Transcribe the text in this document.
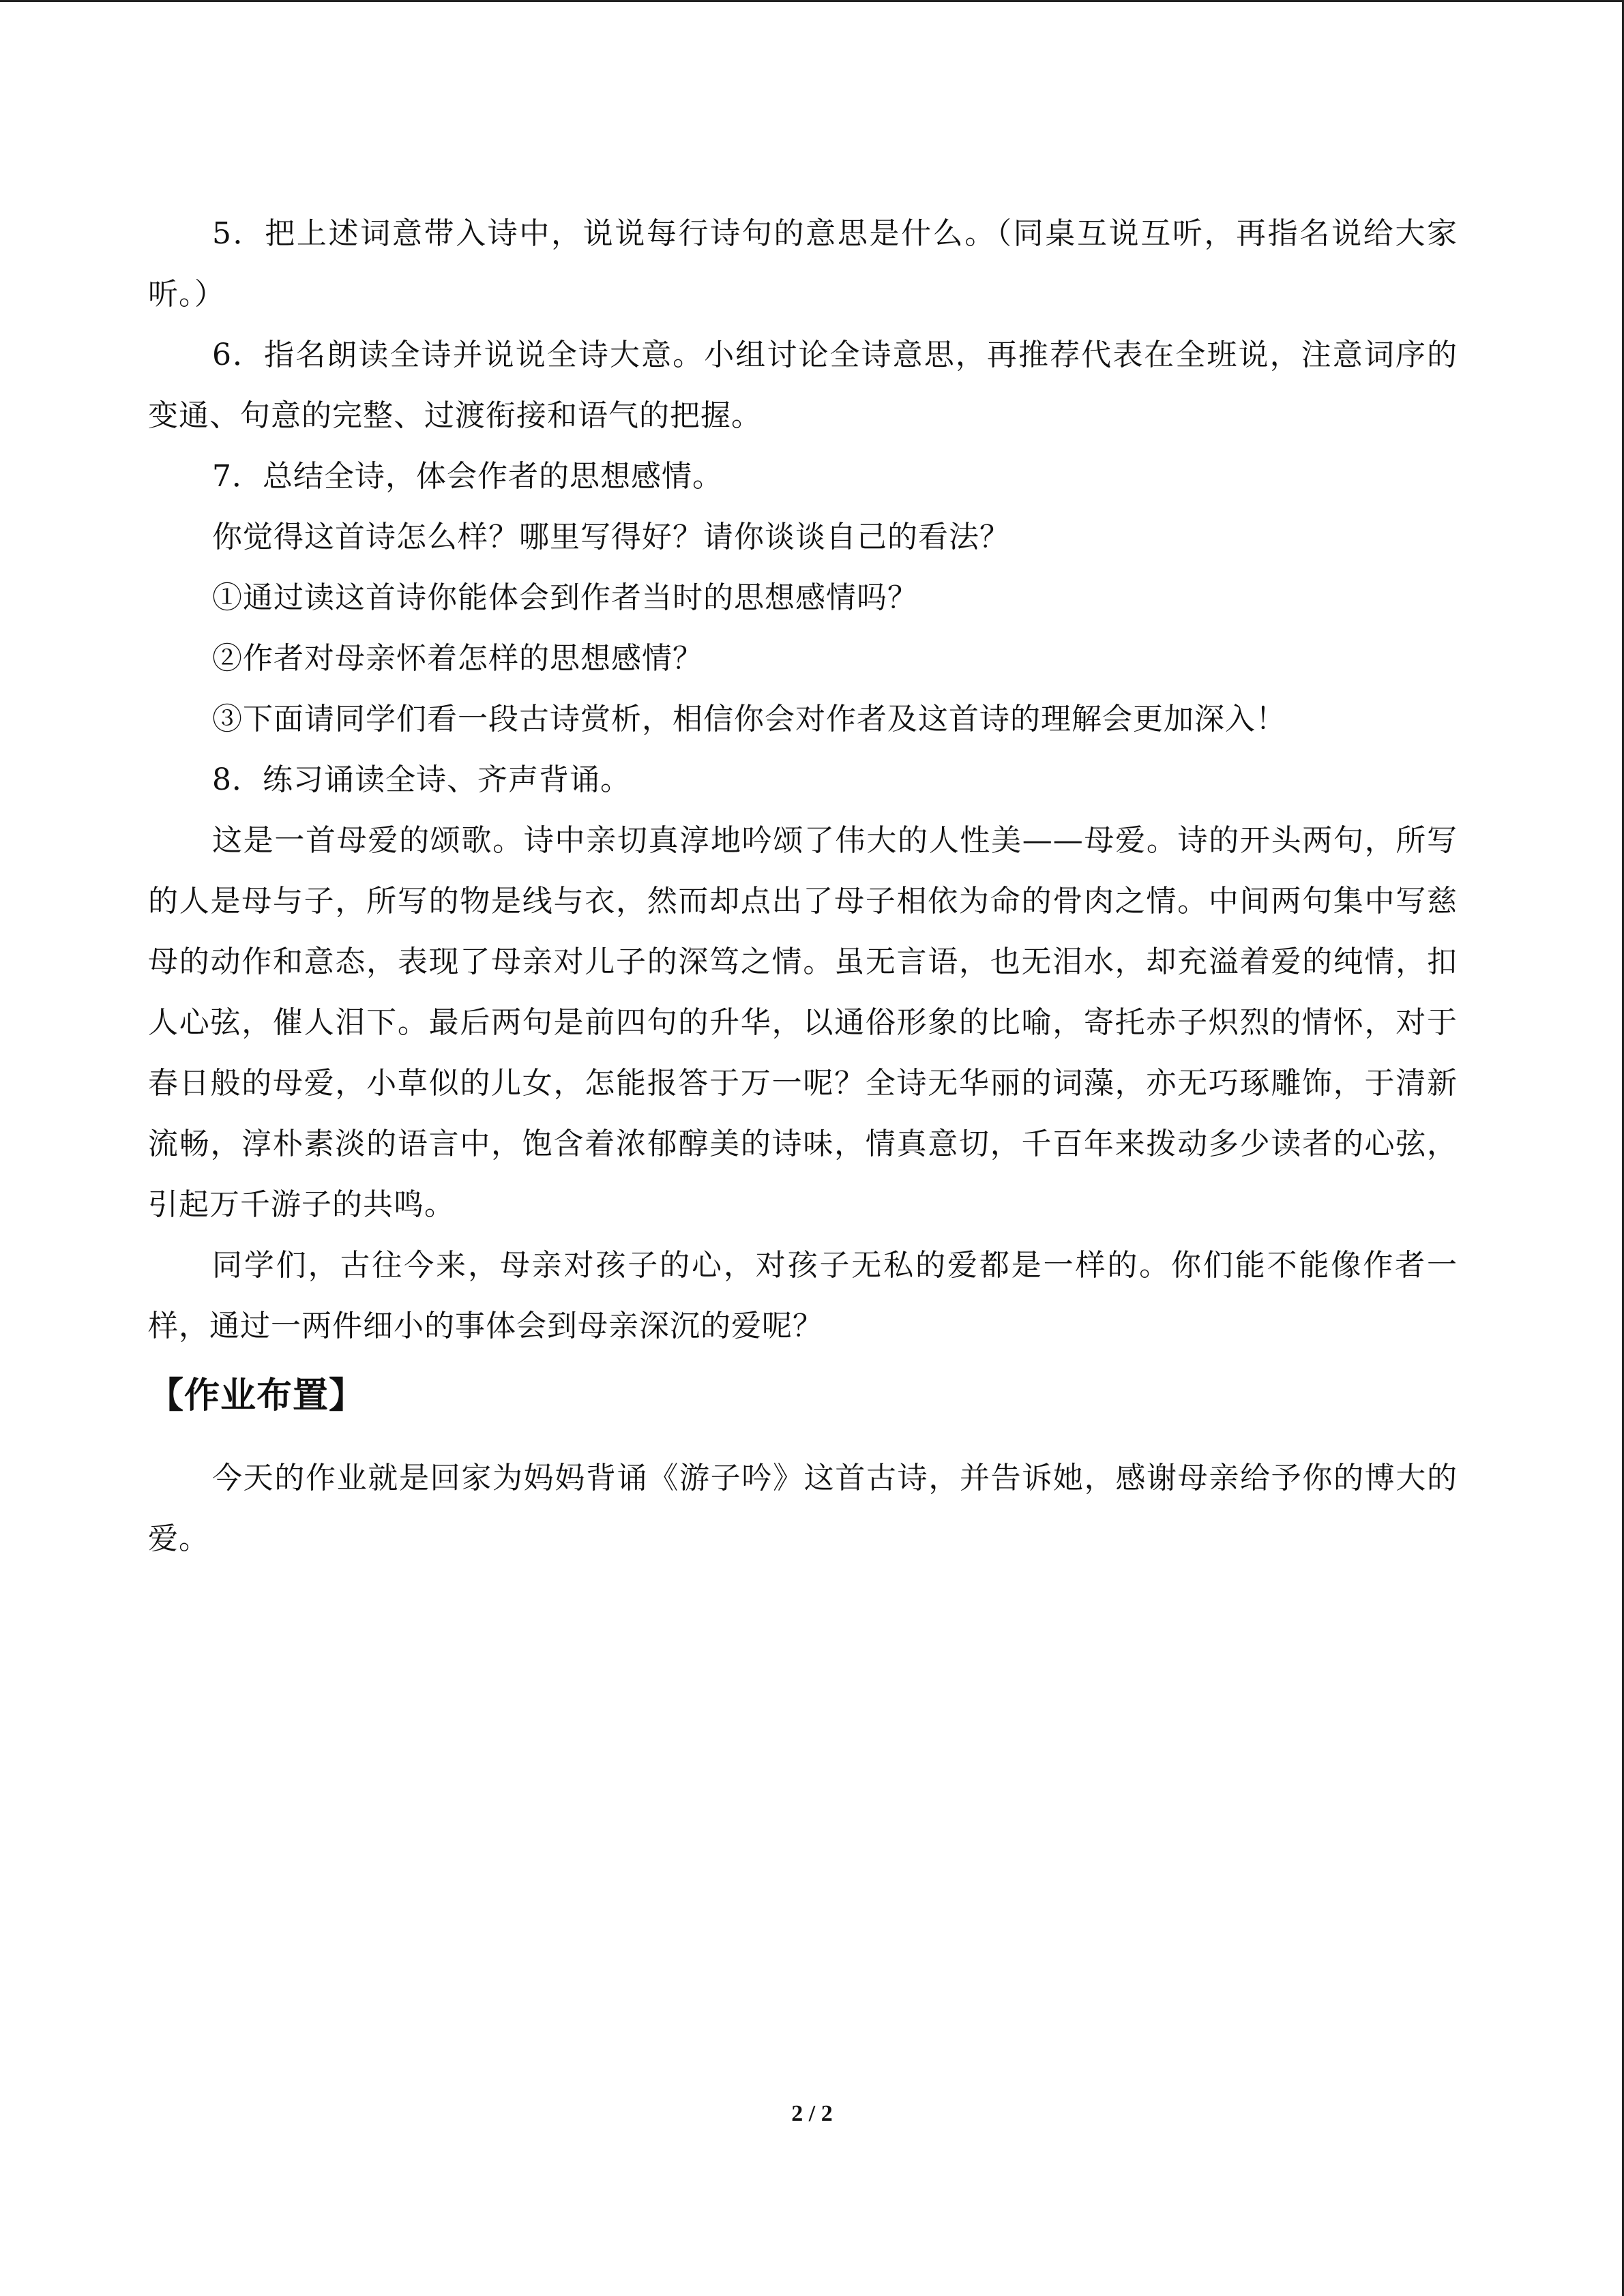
5．把上述词意带入诗中，说说每行诗句的意思是什么。（同桌互说互听，再指名说给大家听。）

6．指名朗读全诗并说说全诗大意。小组讨论全诗意思，再推荐代表在全班说，注意词序的变通、句意的完整、过渡衔接和语气的把握。

7．总结全诗，体会作者的思想感情。

你觉得这首诗怎么样？哪里写得好？请你谈谈自己的看法？

①通过读这首诗你能体会到作者当时的思想感情吗？

②作者对母亲怀着怎样的思想感情？

③下面请同学们看一段古诗赏析，相信你会对作者及这首诗的理解会更加深入！

8．练习诵读全诗、齐声背诵。

这是一首母爱的颂歌。诗中亲切真淳地吟颂了伟大的人性美——母爱。诗的开头两句，所写的人是母与子，所写的物是线与衣，然而却点出了母子相依为命的骨肉之情。中间两句集中写慈母的动作和意态，表现了母亲对儿子的深笃之情。虽无言语，也无泪水，却充溢着爱的纯情，扣人心弦，催人泪下。最后两句是前四句的升华，以通俗形象的比喻，寄托赤子炽烈的情怀，对于春日般的母爱，小草似的儿女，怎能报答于万一呢？全诗无华丽的词藻，亦无巧琢雕饰，于清新流畅，淳朴素淡的语言中，饱含着浓郁醇美的诗味，情真意切，千百年来拨动多少读者的心弦，引起万千游子的共鸣。

同学们，古往今来，母亲对孩子的心，对孩子无私的爱都是一样的。你们能不能像作者一样，通过一两件细小的事体会到母亲深沉的爱呢？

【作业布置】

今天的作业就是回家为妈妈背诵《游子吟》这首古诗，并告诉她，感谢母亲给予你的博大的爱。

2 / 2
